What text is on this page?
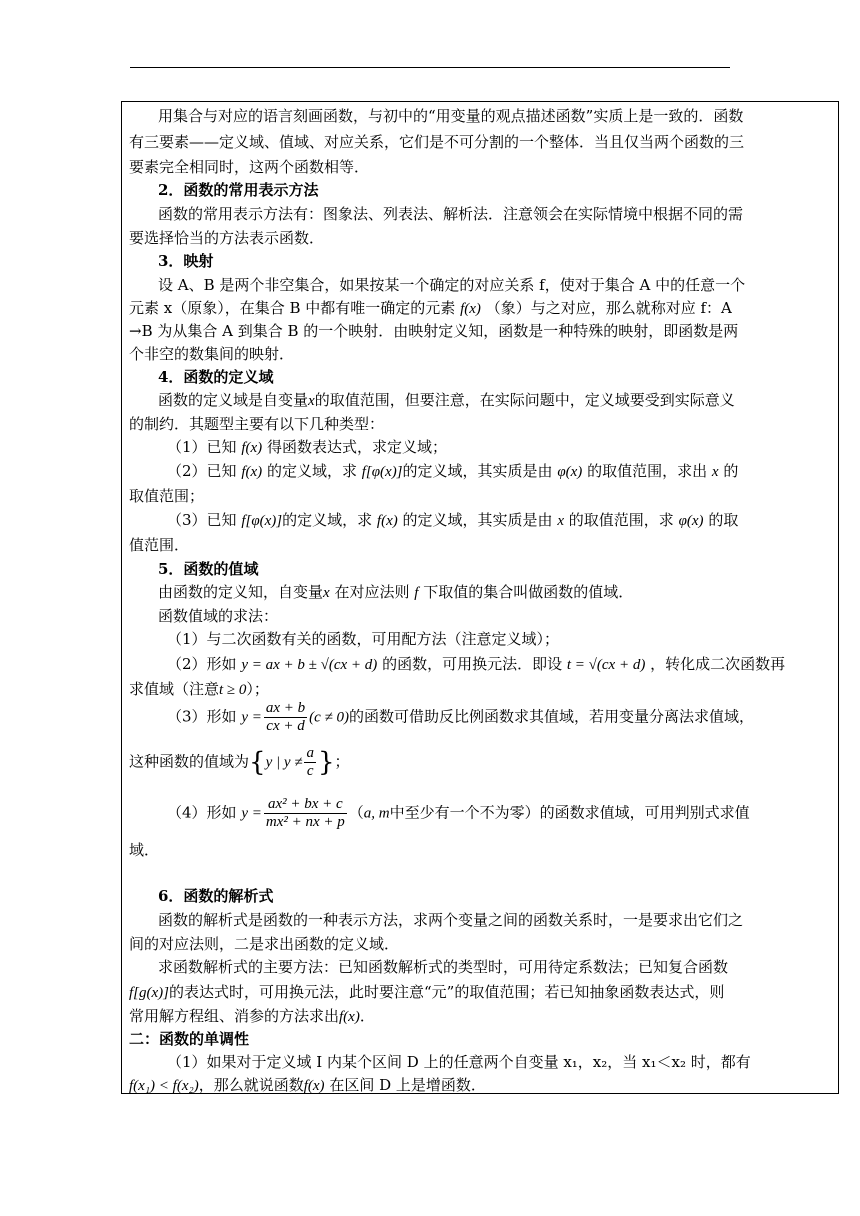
用集合与对应的语言刻画函数，与初中的“用变量的观点描述函数”实质上是一致的．函数
有三要素——定义域、值域、对应关系，它们是不可分割的一个整体．当且仅当两个函数的三
要素完全相同时，这两个函数相等．
2．函数的常用表示方法
函数的常用表示方法有：图象法、列表法、解析法．注意领会在实际情境中根据不同的需
要选择恰当的方法表示函数．
3．映射
设 A、B 是两个非空集合，如果按某一个确定的对应关系 f，使对于集合 A 中的任意一个
→B 为从集合 A 到集合 B 的一个映射．由映射定义知，函数是一种特殊的映射，即函数是两
个非空的数集间的映射．
4．函数的定义域
的制约．其题型主要有以下几种类型：
取值范围；
值范围．
5．函数的值域
函数值域的求法：
（1）与二次函数有关的函数，可用配方法（注意定义域）；
域．
6．函数的解析式
函数的解析式是函数的一种表示方法，求两个变量之间的函数关系时，一是要求出它们之
间的对应法则，二是求出函数的定义域．
求函数解析式的主要方法：已知函数解析式的类型时，可用待定系数法；已知复合函数
二：函数的单调性
（1）如果对于定义域 I 内某个区间 D 上的任意两个自变量 x₁，x₂，当 x₁＜x₂ 时，都有
元素 x（原象），在集合 B 中都有唯一确定的元素 f(x) （象）与之对应，那么就称对应 f：A
函数的定义域是自变量x的取值范围，但要注意，在实际问题中，定义域要受到实际意义
（1）已知 f(x) 得函数表达式，求定义域；
（2）已知 f(x) 的定义域，求 f[φ(x)]的定义域，其实质是由 φ(x) 的取值范围，求出 x 的
（3）已知 f[φ(x)]的定义域，求 f(x) 的定义域，其实质是由 x 的取值范围，求 φ(x) 的取
由函数的定义知，自变量x 在对应法则 f 下取值的集合叫做函数的值域．
（2）形如 y = ax + b ± √(cx + d) 的函数，可用换元法．即设 t = √(cx + d) ，转化成二次函数再
求值域（注意t ≥ 0）；
（3）形如 $y = \frac{ax + b}{cx + d} (c \ne 0)$的函数可借助反比例函数求其值域，若用变量分离法求值域，
这种函数的值域为{y | $y \ne \frac{a}{c}$ }；
（4）形如 $y = \frac{\text{ax² + bx + c}}{\text{mx² + nx + p}} (a$, m中至少有一个不为零）的函数求值域，可用判别式求值
f[g(x)]的表达式时，可用换元法，此时要注意“元”的取值范围；若已知抽象函数表达式，则
常用解方程组、消参的方法求出f(x)．
f(x₁) < f(x₂)，那么就说函数f(x) 在区间 D 上是增函数．
